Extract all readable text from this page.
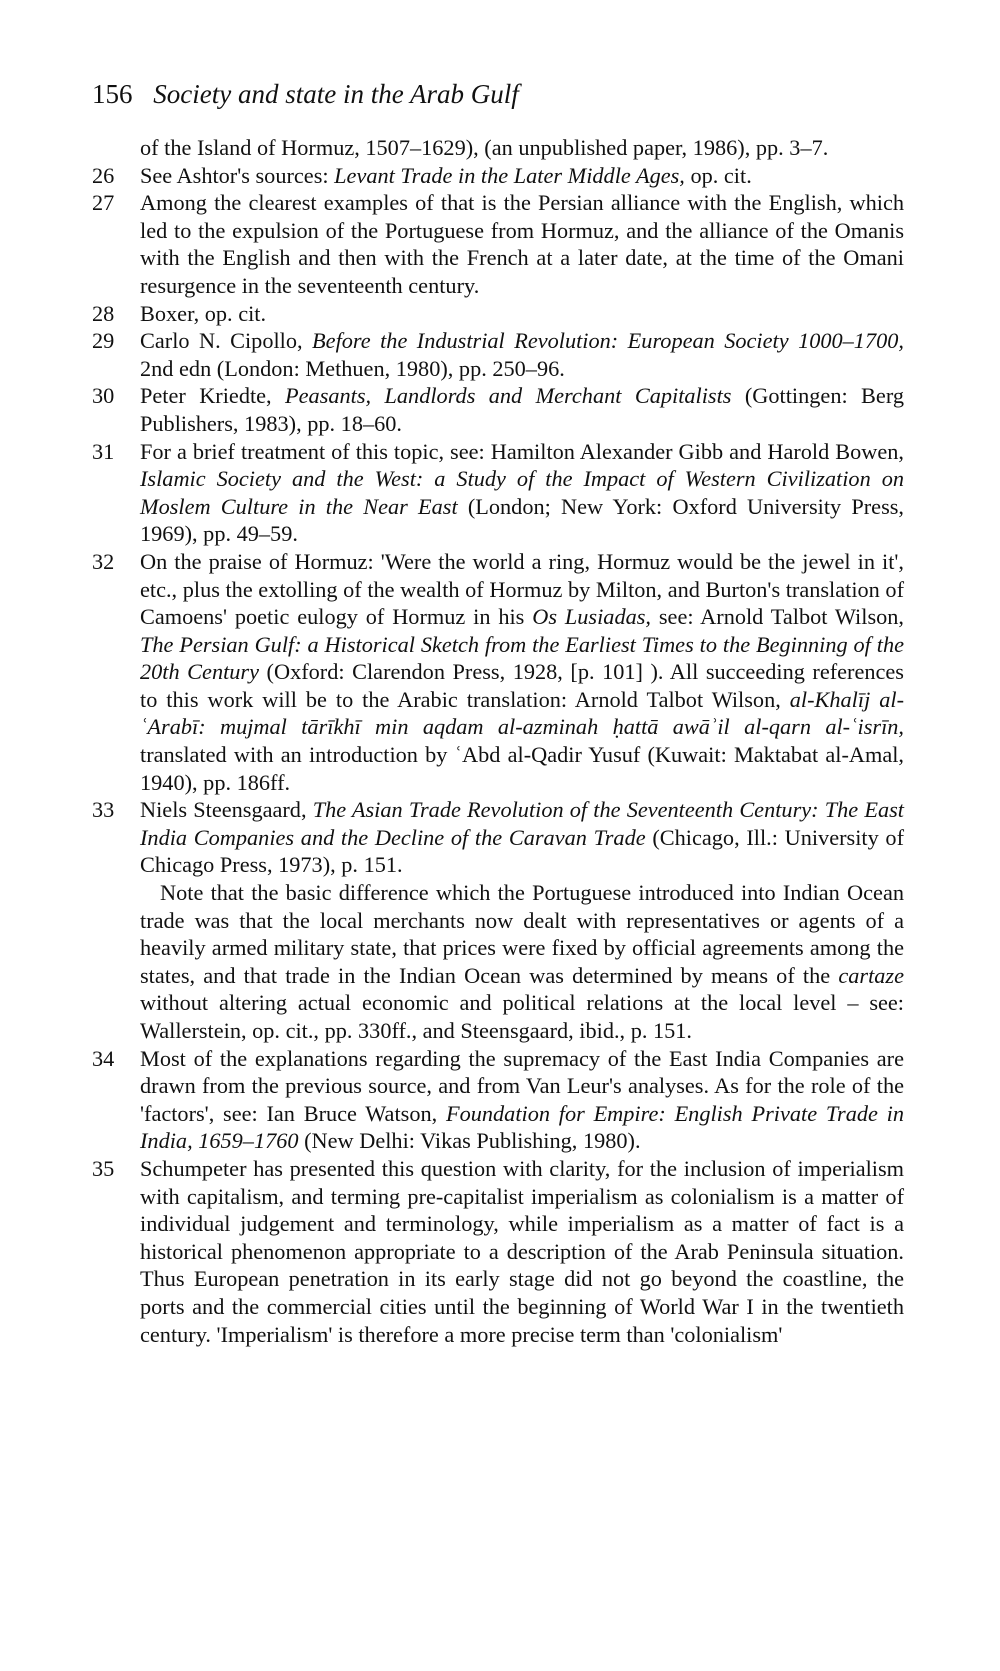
156 Society and state in the Arab Gulf

of the Island of Hormuz, 1507–1629), (an unpublished paper, 1986), pp. 3–7.

26	See Ashtor's sources: Levant Trade in the Later Middle Ages, op. cit.

27	Among the clearest examples of that is the Persian alliance with the English, which led to the expulsion of the Portuguese from Hormuz, and the alliance of the Omanis with the English and then with the French at a later date, at the time of the Omani resurgence in the seventeenth century.

28	Boxer, op. cit.

29	Carlo N. Cipollo, Before the Industrial Revolution: European Society 1000–1700, 2nd edn (London: Methuen, 1980), pp. 250–96.

30	Peter Kriedte, Peasants, Landlords and Merchant Capitalists (Gottingen: Berg Publishers, 1983), pp. 18–60.

31	For a brief treatment of this topic, see: Hamilton Alexander Gibb and Harold Bowen, Islamic Society and the West: a Study of the Impact of Western Civilization on Moslem Culture in the Near East (London; New York: Oxford University Press, 1969), pp. 49–59.

32	On the praise of Hormuz: 'Were the world a ring, Hormuz would be the jewel in it', etc., plus the extolling of the wealth of Hormuz by Milton, and Burton's translation of Camoens' poetic eulogy of Hormuz in his Os Lusiadas, see: Arnold Talbot Wilson, The Persian Gulf: a Historical Sketch from the Earliest Times to the Beginning of the 20th Century (Oxford: Clarendon Press, 1928, [p. 101] ). All succeeding references to this work will be to the Arabic translation: Arnold Talbot Wilson, al-Khalīj al-ʿArabī: mujmal tārīkhī min aqdam al-azminah ḥattā awāʾil al-qarn al-ʿisrīn, translated with an introduction by ʿAbd al-Qadir Yusuf (Kuwait: Maktabat al-Amal, 1940), pp. 186ff.

33	Niels Steensgaard, The Asian Trade Revolution of the Seventeenth Century: The East India Companies and the Decline of the Caravan Trade (Chicago, Ill.: University of Chicago Press, 1973), p. 151.

Note that the basic difference which the Portuguese introduced into Indian Ocean trade was that the local merchants now dealt with representatives or agents of a heavily armed military state, that prices were fixed by official agreements among the states, and that trade in the Indian Ocean was determined by means of the cartaze without altering actual economic and political relations at the local level – see: Wallerstein, op. cit., pp. 330ff., and Steensgaard, ibid., p. 151.

34	Most of the explanations regarding the supremacy of the East India Companies are drawn from the previous source, and from Van Leur's analyses. As for the role of the 'factors', see: Ian Bruce Watson, Foundation for Empire: English Private Trade in India, 1659–1760 (New Delhi: Vikas Publishing, 1980).

35	Schumpeter has presented this question with clarity, for the inclusion of imperialism with capitalism, and terming pre-capitalist imperialism as colonialism is a matter of individual judgement and terminology, while imperialism as a matter of fact is a historical phenomenon appropriate to a description of the Arab Peninsula situation. Thus European penetration in its early stage did not go beyond the coastline, the ports and the commercial cities until the beginning of World War I in the twentieth century. 'Imperialism' is therefore a more precise term than 'colonialism'
